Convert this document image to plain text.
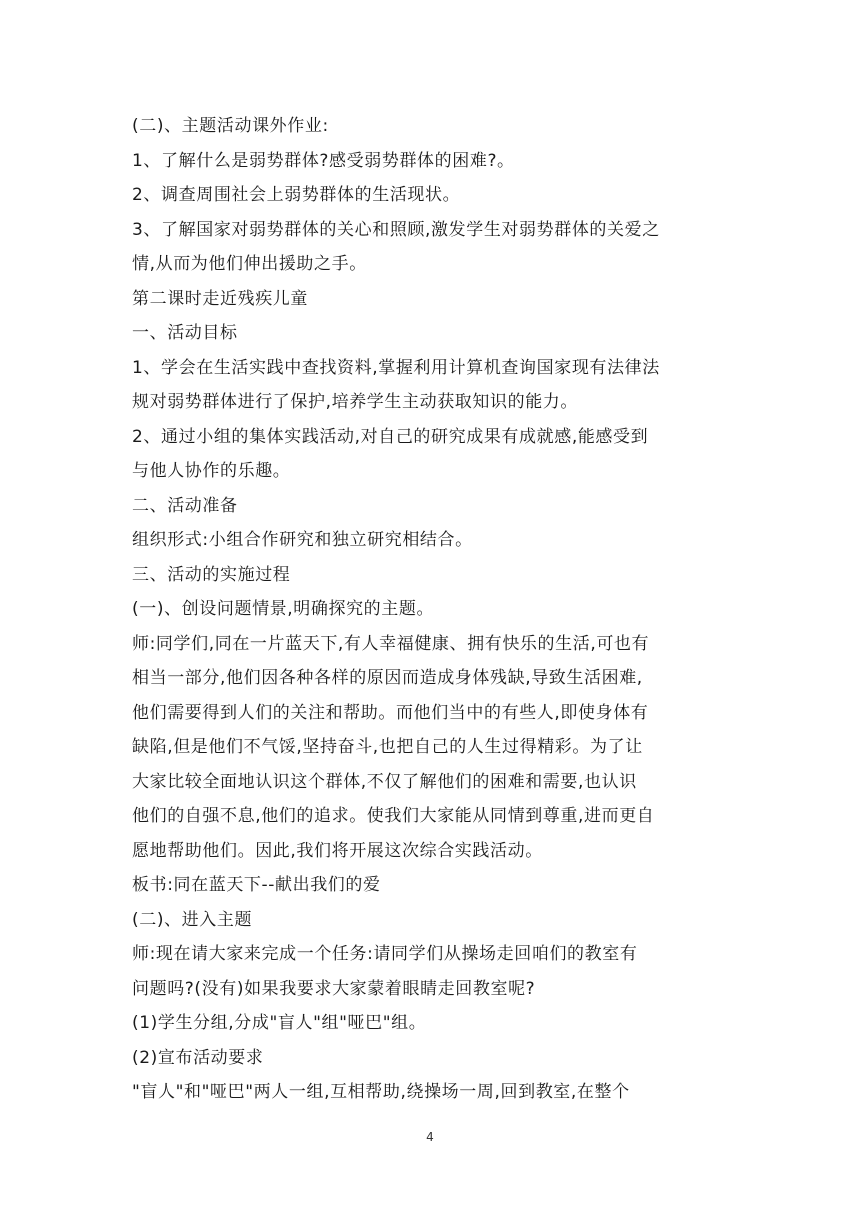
(二)、主题活动课外作业:
1、了解什么是弱势群体?感受弱势群体的困难?。
2、调查周围社会上弱势群体的生活现状。
3、了解国家对弱势群体的关心和照顾,激发学生对弱势群体的关爱之
情,从而为他们伸出援助之手。
第二课时走近残疾儿童
一、活动目标
1、学会在生活实践中查找资料,掌握利用计算机查询国家现有法律法
规对弱势群体进行了保护,培养学生主动获取知识的能力。
2、通过小组的集体实践活动,对自己的研究成果有成就感,能感受到
与他人协作的乐趣。
二、活动准备
组织形式:小组合作研究和独立研究相结合。
三、活动的实施过程
(一)、创设问题情景,明确探究的主题。
师:同学们,同在一片蓝天下,有人幸福健康、拥有快乐的生活,可也有
相当一部分,他们因各种各样的原因而造成身体残缺,导致生活困难,
他们需要得到人们的关注和帮助。而他们当中的有些人,即使身体有
缺陷,但是他们不气馁,坚持奋斗,也把自己的人生过得精彩。为了让
大家比较全面地认识这个群体,不仅了解他们的困难和需要,也认识
他们的自强不息,他们的追求。使我们大家能从同情到尊重,进而更自
愿地帮助他们。因此,我们将开展这次综合实践活动。
板书:同在蓝天下--献出我们的爱
(二)、进入主题
师:现在请大家来完成一个任务:请同学们从操场走回咱们的教室有
问题吗?(没有)如果我要求大家蒙着眼睛走回教室呢?
(1)学生分组,分成"盲人"组"哑巴"组。
(2)宣布活动要求
"盲人"和"哑巴"两人一组,互相帮助,绕操场一周,回到教室,在整个
4
